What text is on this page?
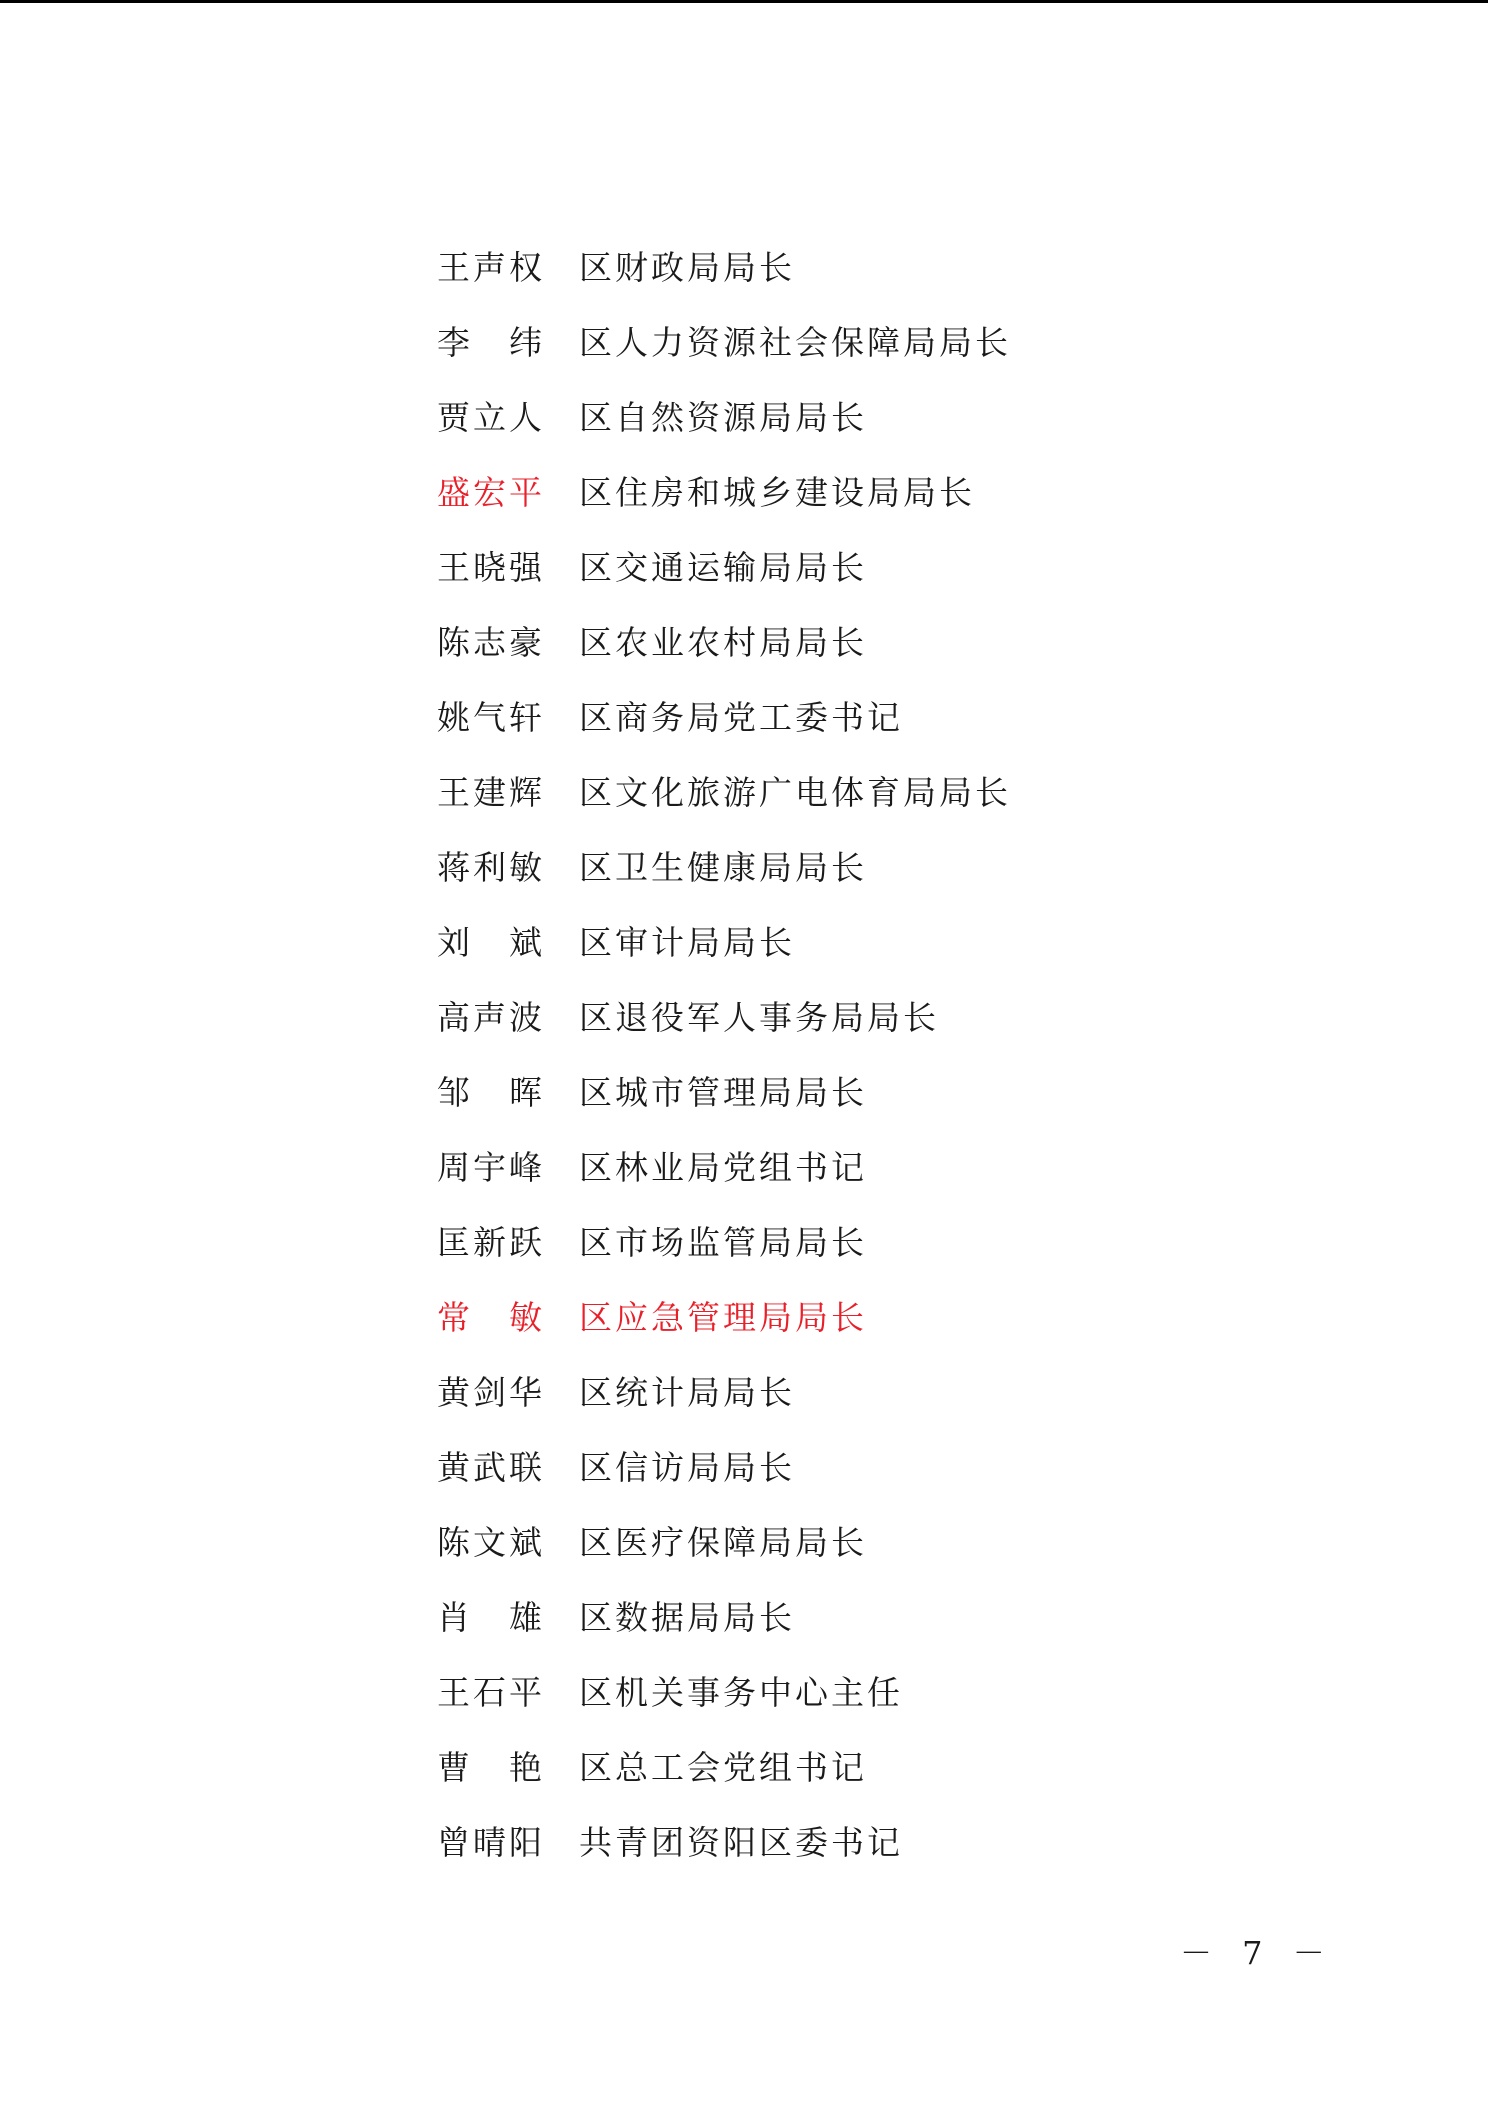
王声权	区财政局局长
李　纬	区人力资源社会保障局局长
贾立人	区自然资源局局长
盛宏平	区住房和城乡建设局局长
王晓强	区交通运输局局长
陈志豪	区农业农村局局长
姚气轩	区商务局党工委书记
王建辉	区文化旅游广电体育局局长
蒋利敏	区卫生健康局局长
刘　斌	区审计局局长
高声波	区退役军人事务局局长
邹　晖	区城市管理局局长
周宇峰	区林业局党组书记
匡新跃	区市场监管局局长
常　敏	区应急管理局局长
黄剑华	区统计局局长
黄武联	区信访局局长
陈文斌	区医疗保障局局长
肖　雄	区数据局局长
王石平	区机关事务中心主任
曹　艳	区总工会党组书记
曾晴阳	共青团资阳区委书记
－ 7 －
